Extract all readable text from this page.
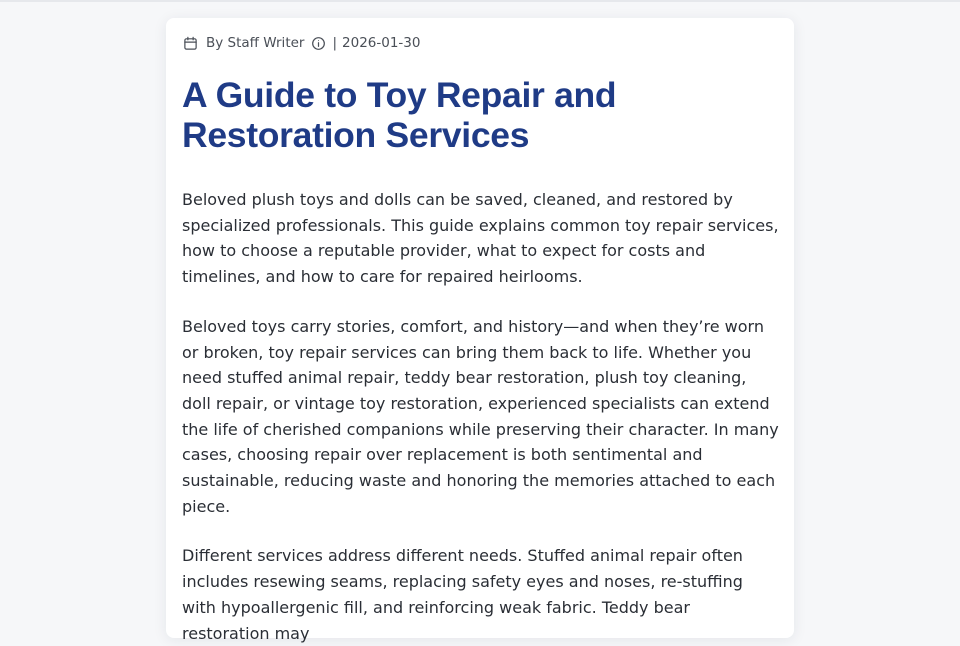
By Staff Writer | 2026-01-30
A Guide to Toy Repair and Restoration Services

Beloved plush toys and dolls can be saved, cleaned, and restored by specialized professionals. This guide explains common toy repair services, how to choose a reputable provider, what to expect for costs and timelines, and how to care for repaired heirlooms.

Beloved toys carry stories, comfort, and history—and when they’re worn or broken, toy repair services can bring them back to life. Whether you need stuffed animal repair, teddy bear restoration, plush toy cleaning, doll repair, or vintage toy restoration, experienced specialists can extend the life of cherished companions while preserving their character. In many cases, choosing repair over replacement is both sentimental and sustainable, reducing waste and honoring the memories attached to each piece.

Different services address different needs. Stuffed animal repair often includes resewing seams, replacing safety eyes and noses, re-stuffing with hypoallergenic fill, and reinforcing weak fabric. Teddy bear restoration may
